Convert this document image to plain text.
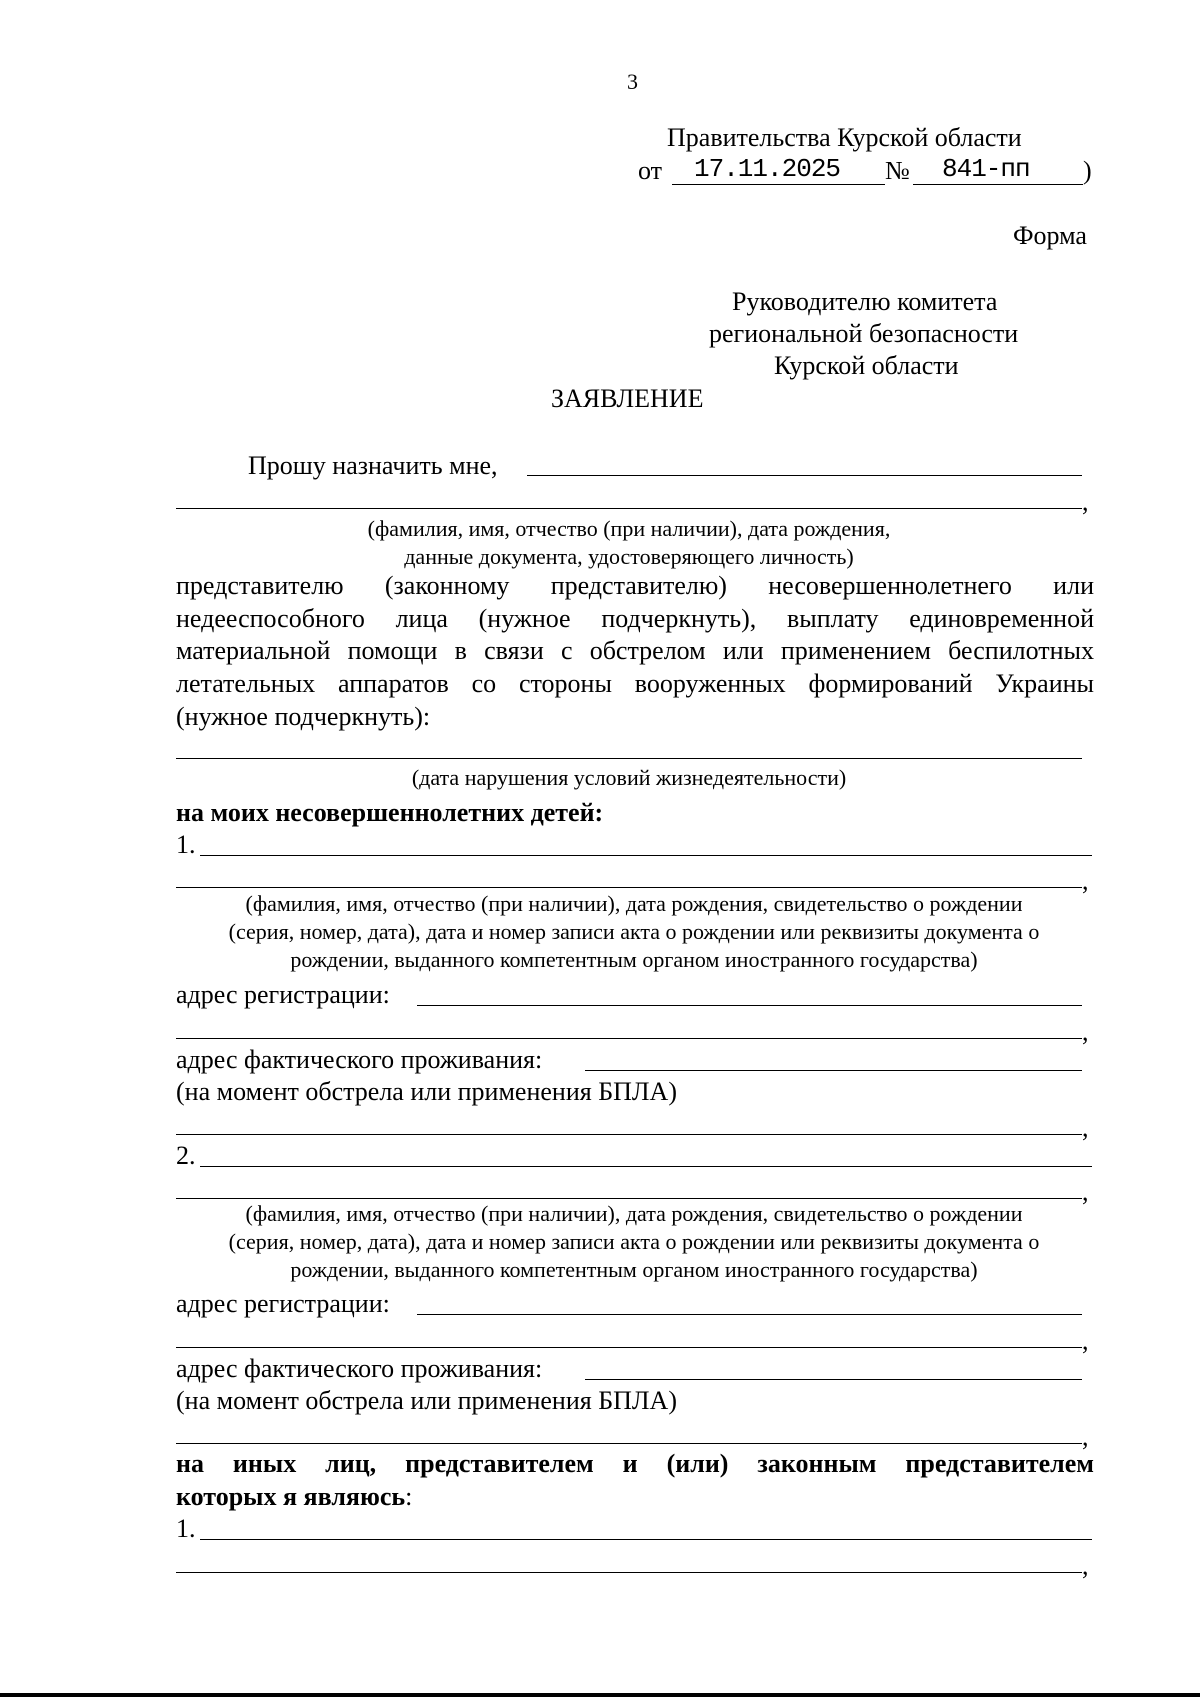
3
Правительства Курской области
от 17.11.2025 № 841-пп )
Форма
Руководителю комитета
региональной безопасности
Курской области
ЗАЯВЛЕНИЕ
Прошу назначить мне,
,
(фамилия, имя, отчество (при наличии), дата рождения,
данные документа, удостоверяющего личность)
представителю (законному представителю) несовершеннолетнего или
недееспособного лица (нужное подчеркнуть), выплату единовременной
материальной помощи в связи с обстрелом или применением беспилотных
летательных аппаратов со стороны вооруженных формирований Украины
(нужное подчеркнуть):
(дата нарушения условий жизнедеятельности)
на моих несовершеннолетних детей:
1.
,
(фамилия, имя, отчество (при наличии), дата рождения, свидетельство о рождении
(серия, номер, дата), дата и номер записи акта о рождении или реквизиты документа о
рождении, выданного компетентным органом иностранного государства)
адрес регистрации:
,
адрес фактического проживания:
(на момент обстрела или применения БПЛА)
,
2.
,
(фамилия, имя, отчество (при наличии), дата рождения, свидетельство о рождении
(серия, номер, дата), дата и номер записи акта о рождении или реквизиты документа о
рождении, выданного компетентным органом иностранного государства)
адрес регистрации:
,
адрес фактического проживания:
(на момент обстрела или применения БПЛА)
,
на иных лиц, представителем и (или) законным представителем
которых я являюсь:
1.
,
